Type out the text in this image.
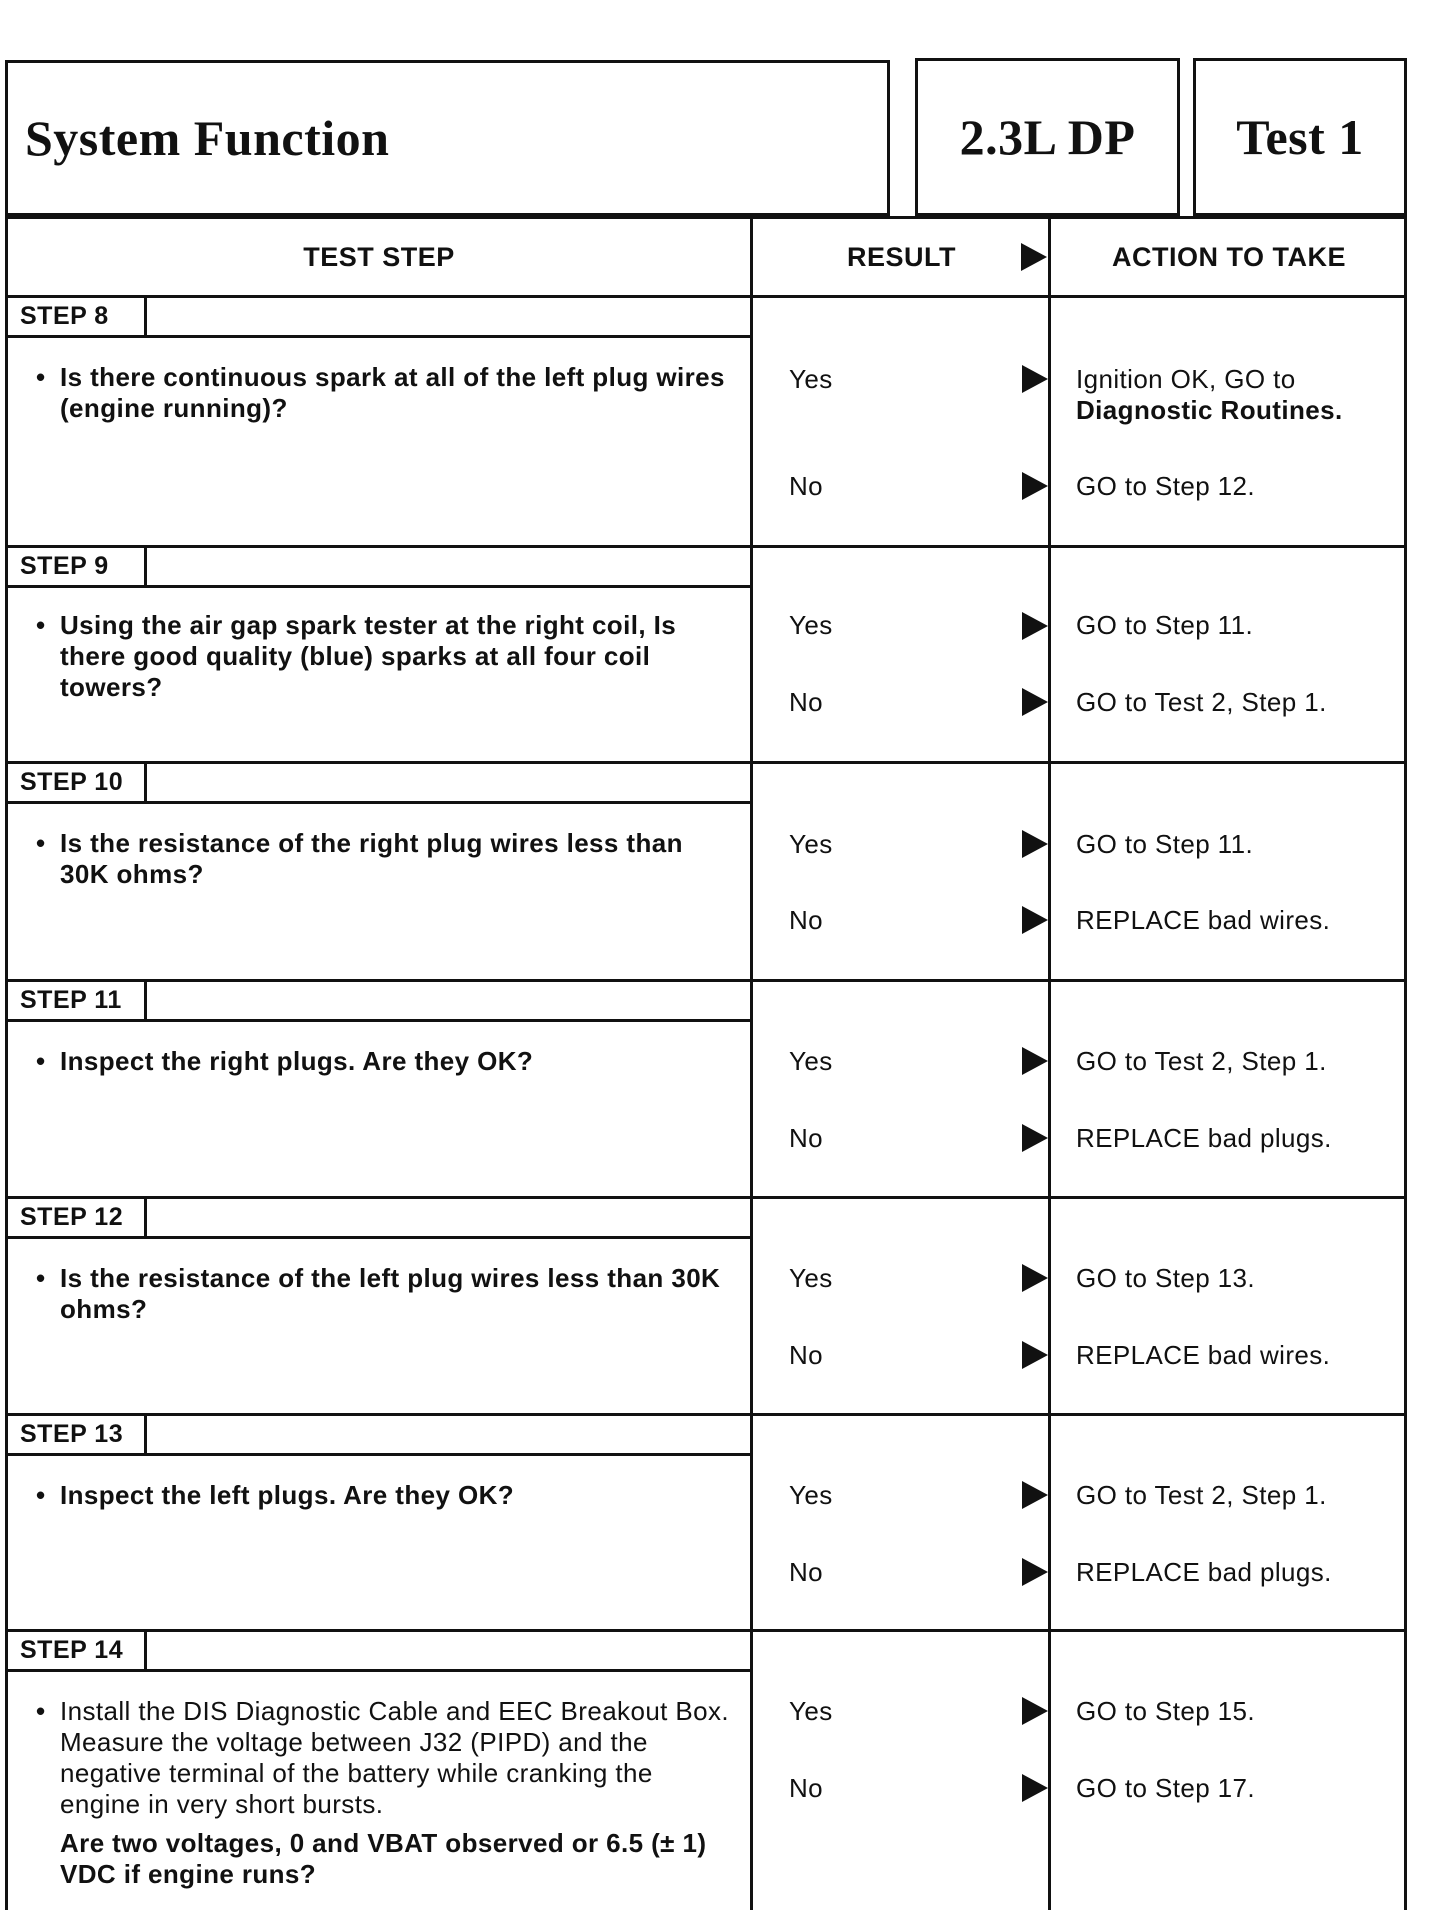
System Function	2.3L DP Test 1
TEST STEP	RESULT	ACTION TO TAKE
STEP 8
• Is there continuous spark at all of the left plug wires (engine running)?
Yes	Ignition OK, GO to
Diagnostic Routines.
No	GO to Step 12.
STEP 9
• Using the air gap spark tester at the right coil, Is there good quality (blue) sparks at all four coil towers?
Yes	GO to Step 11.
No	GO to Test 2, Step 1.
STEP 10
• Is the resistance of the right plug wires less than 30K ohms?
Yes	GO to Step 11.
No	REPLACE bad wires.
STEP 11
• Inspect the right plugs. Are they OK?	Yes	GO to Test 2, Step 1.
No	REPLACE bad plugs.
STEP 12
• Is the resistance of the left plug wires less than 30K ohms?
Yes	GO to Step 13.
No	REPLACE bad wires.
STEP 13
• Inspect the left plugs. Are they OK?	Yes	GO to Test 2, Step 1.
No	REPLACE bad plugs.
STEP 14
• Install the DIS Diagnostic Cable and EEC Breakout Box. Measure the voltage between J32 (PIPD) and the negative terminal of the battery while cranking the engine in very short bursts.
Are two voltages, 0 and VBAT observed or 6.5 (± 1) VDC if engine runs?
Yes	GO to Step 15.
No	GO to Step 17.
